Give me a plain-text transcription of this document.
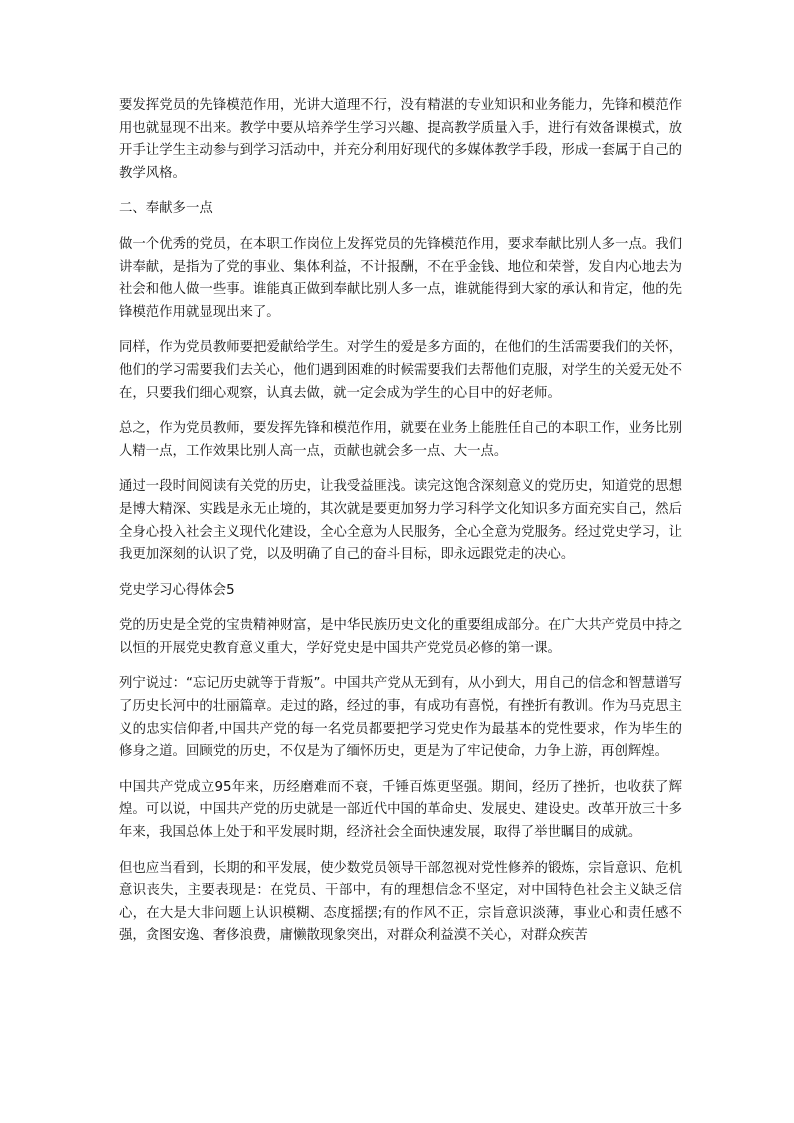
要发挥党员的先锋模范作用，光讲大道理不行，没有精湛的专业知识和业务能力，先锋和模范作用也就显现不出来。教学中要从培养学生学习兴趣、提高教学质量入手，进行有效备课模式，放开手让学生主动参与到学习活动中，并充分利用好现代的多媒体教学手段，形成一套属于自己的教学风格。

二、奉献多一点

做一个优秀的党员，在本职工作岗位上发挥党员的先锋模范作用，要求奉献比别人多一点。我们讲奉献，是指为了党的事业、集体利益，不计报酬，不在乎金钱、地位和荣誉，发自内心地去为社会和他人做一些事。谁能真正做到奉献比别人多一点，谁就能得到大家的承认和肯定，他的先锋模范作用就显现出来了。

同样，作为党员教师要把爱献给学生。对学生的爱是多方面的，在他们的生活需要我们的关怀，他们的学习需要我们去关心，他们遇到困难的时候需要我们去帮他们克服，对学生的关爱无处不在，只要我们细心观察，认真去做，就一定会成为学生的心目中的好老师。

总之，作为党员教师，要发挥先锋和模范作用，就要在业务上能胜任自己的本职工作，业务比别人精一点，工作效果比别人高一点，贡献也就会多一点、大一点。

通过一段时间阅读有关党的历史，让我受益匪浅。读完这饱含深刻意义的党历史，知道党的思想是博大精深、实践是永无止境的，其次就是要更加努力学习科学文化知识多方面充实自己，然后全身心投入社会主义现代化建设，全心全意为人民服务，全心全意为党服务。经过党史学习，让我更加深刻的认识了党，以及明确了自己的奋斗目标，即永远跟党走的决心。

党史学习心得体会5

党的历史是全党的宝贵精神财富，是中华民族历史文化的重要组成部分。在广大共产党员中持之以恒的开展党史教育意义重大，学好党史是中国共产党党员必修的第一课。

列宁说过：“忘记历史就等于背叛”。中国共产党从无到有，从小到大，用自己的信念和智慧谱写了历史长河中的壮丽篇章。走过的路，经过的事，有成功有喜悦，有挫折有教训。作为马克思主义的忠实信仰者,中国共产党的每一名党员都要把学习党史作为最基本的党性要求，作为毕生的修身之道。回顾党的历史，不仅是为了缅怀历史，更是为了牢记使命，力争上游，再创辉煌。

中国共产党成立95年来，历经磨难而不衰，千锤百炼更坚强。期间，经历了挫折，也收获了辉煌。可以说，中国共产党的历史就是一部近代中国的革命史、发展史、建设史。改革开放三十多年来，我国总体上处于和平发展时期，经济社会全面快速发展，取得了举世瞩目的成就。

但也应当看到，长期的和平发展，使少数党员领导干部忽视对党性修养的锻炼，宗旨意识、危机意识丧失，主要表现是：在党员、干部中，有的理想信念不坚定，对中国特色社会主义缺乏信心，在大是大非问题上认识模糊、态度摇摆;有的作风不正，宗旨意识淡薄，事业心和责任感不强，贪图安逸、奢侈浪费，庸懒散现象突出，对群众利益漠不关心，对群众疾苦
